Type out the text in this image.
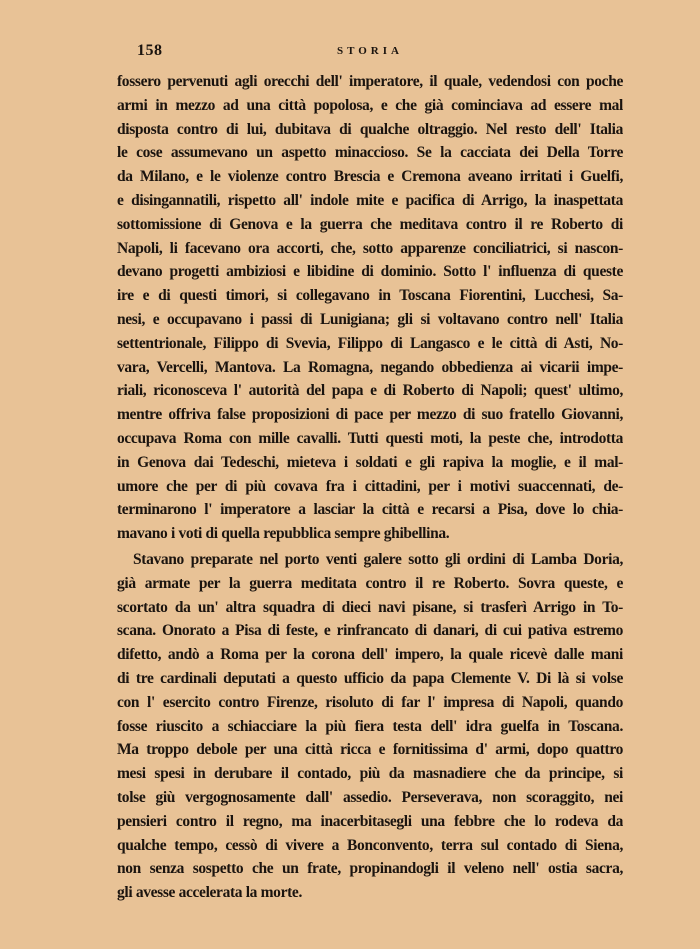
158	STORIA
fossero pervenuti agli orecchi dell' imperatore, il quale, vedendosi con poche
armi in mezzo ad una città popolosa, e che già cominciava ad essere mal
disposta contro di lui, dubitava di qualche oltraggio. Nel resto dell' Italia
le cose assumevano un aspetto minaccioso. Se la cacciata dei Della Torre
da Milano, e le violenze contro Brescia e Cremona aveano irritati i Guelfi,
e disingannatili, rispetto all' indole mite e pacifica di Arrigo, la inaspettata
sottomissione di Genova e la guerra che meditava contro il re Roberto di
Napoli, li facevano ora accorti, che, sotto apparenze conciliatrici, si nascon-
devano progetti ambiziosi e libidine di dominio. Sotto l' influenza di queste
ire e di questi timori, si collegavano in Toscana Fiorentini, Lucchesi, Sa-
nesi, e occupavano i passi di Lunigiana; gli si voltavano contro nell' Italia
settentrionale, Filippo di Svevia, Filippo di Langasco e le città di Asti, No-
vara, Vercelli, Mantova. La Romagna, negando obbedienza ai vicarii impe-
riali, riconosceva l' autorità del papa e di Roberto di Napoli; quest' ultimo,
mentre offriva false proposizioni di pace per mezzo di suo fratello Giovanni,
occupava Roma con mille cavalli. Tutti questi moti, la peste che, introdotta
in Genova dai Tedeschi, mieteva i soldati e gli rapiva la moglie, e il mal-
umore che per di più covava fra i cittadini, per i motivi suaccennati, de-
terminarono l' imperatore a lasciar la città e recarsi a Pisa, dove lo chia-
mavano i voti di quella repubblica sempre ghibellina.
Stavano preparate nel porto venti galere sotto gli ordini di Lamba Doria,
già armate per la guerra meditata contro il re Roberto. Sovra queste, e
scortato da un' altra squadra di dieci navi pisane, si trasferì Arrigo in To-
scana. Onorato a Pisa di feste, e rinfrancato di danari, di cui pativa estremo
difetto, andò a Roma per la corona dell' impero, la quale ricevè dalle mani
di tre cardinali deputati a questo ufficio da papa Clemente V. Di là si volse
con l' esercito contro Firenze, risoluto di far l' impresa di Napoli, quando
fosse riuscito a schiacciare la più fiera testa dell' idra guelfa in Toscana.
Ma troppo debole per una città ricca e fornitissima d' armi, dopo quattro
mesi spesi in derubare il contado, più da masnadiere che da principe, si
tolse giù vergognosamente dall' assedio. Perseverava, non scoraggito, nei
pensieri contro il regno, ma inacerbitasegli una febbre che lo rodeva da
qualche tempo, cessò di vivere a Bonconvento, terra sul contado di Siena,
non senza sospetto che un frate, propinandogli il veleno nell' ostia sacra,
gli avesse accelerata la morte.
